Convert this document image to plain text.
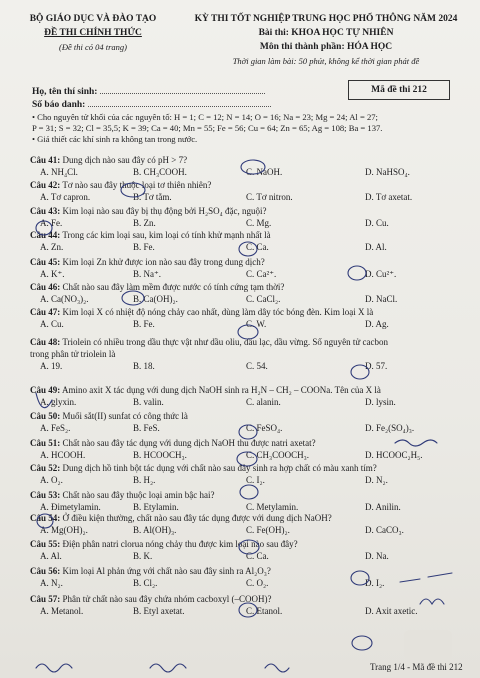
BỘ GIÁO DỤC VÀ ĐÀO TẠO
ĐỀ THI CHÍNH THỨC
(Đề thi có 04 trang)
KỲ THI TỐT NGHIỆP TRUNG HỌC PHỔ THÔNG NĂM 2024
Bài thi: KHOA HỌC TỰ NHIÊN
Môn thi thành phần: HÓA HỌC
Thời gian làm bài: 50 phút, không kể thời gian phát đề
Họ, tên thí sinh:
Số báo danh:
Mã đề thi 212
• Cho nguyên tử khối của các nguyên tố: H = 1; C = 12; N = 14; O = 16; Na = 23; Mg = 24; Al = 27;
P = 31; S = 32; Cl = 35,5; K = 39; Ca = 40; Mn = 55; Fe = 56; Cu = 64; Zn = 65; Ag = 108; Ba = 137.
• Giả thiết các khí sinh ra không tan trong nước.
Câu 41: Dung dịch nào sau đây có pH > 7?
A. NH₄Cl.	B. CH₃COOH.	C. NaOH.	D. NaHSO₄.
Câu 42: Tơ nào sau đây thuộc loại tơ thiên nhiên?
A. Tơ capron.	B. Tơ tằm.	C. Tơ nitron.	D. Tơ axetat.
Câu 43: Kim loại nào sau đây bị thụ động bởi H₂SO₄ đặc, nguội?
A. Fe.	B. Zn.	C. Mg.	D. Cu.
Câu 44: Trong các kim loại sau, kim loại có tính khử mạnh nhất là
A. Zn.	B. Fe.	C. Ca.	D. Al.
Câu 45: Kim loại Zn khử được ion nào sau đây trong dung dịch?
A. K⁺.	B. Na⁺.	C. Ca²⁺.	D. Cu²⁺.
Câu 46: Chất nào sau đây làm mềm được nước có tính cứng tạm thời?
A. Ca(NO₃)₂.	B. Ca(OH)₂.	C. CaCl₂.	D. NaCl.
Câu 47: Kim loại X có nhiệt độ nóng chảy cao nhất, dùng làm dây tóc bóng đèn. Kim loại X là
A. Cu.	B. Fe.	C. W.	D. Ag.
Câu 48: Triolein có nhiều trong dầu thực vật như dầu oliu, dầu lạc, dầu vừng. Số nguyên tử cacbon
trong phân tử triolein là
A. 19.	B. 18.	C. 54.	D. 57.
Câu 49: Amino axit X tác dụng với dung dịch NaOH sinh ra H₂N – CH₂ – COONa. Tên của X là
A. glyxin.	B. valin.	C. alanin.	D. lysin.
Câu 50: Muối sắt(II) sunfat có công thức là
A. FeS₂.	B. FeS.	C. FeSO₄.	D. Fe₂(SO₄)₃.
Câu 51: Chất nào sau đây tác dụng với dung dịch NaOH thu được natri axetat?
A. HCOOH.	B. HCOOCH₃.	C. CH₃COOCH₃.	D. HCOOC₂H₅.
Câu 52: Dung dịch hồ tinh bột tác dụng với chất nào sau đây sinh ra hợp chất có màu xanh tím?
A. O₂.	B. H₂.	C. I₂.	D. N₂.
Câu 53: Chất nào sau đây thuộc loại amin bậc hai?
A. Đimetylamin.	B. Etylamin.	C. Metylamin.	D. Anilin.
Câu 54: Ở điều kiện thường, chất nào sau đây tác dụng được với dung dịch NaOH?
A. Mg(OH)₂.	B. Al(OH)₃.	C. Fe(OH)₂.	D. CaCO₃.
Câu 55: Điện phân natri clorua nóng chảy thu được kim loại nào sau đây?
A. Al.	B. K.	C. Ca.	D. Na.
Câu 56: Kim loại Al phản ứng với chất nào sau đây sinh ra Al₂O₃?
A. N₂.	B. Cl₂.	C. O₂.	D. I₂.
Câu 57: Phân tử chất nào sau đây chứa nhóm cacboxyl (–COOH)?
A. Metanol.	B. Etyl axetat.	C. Etanol.	D. Axit axetic.
Trang 1/4 - Mã đề thi 212
